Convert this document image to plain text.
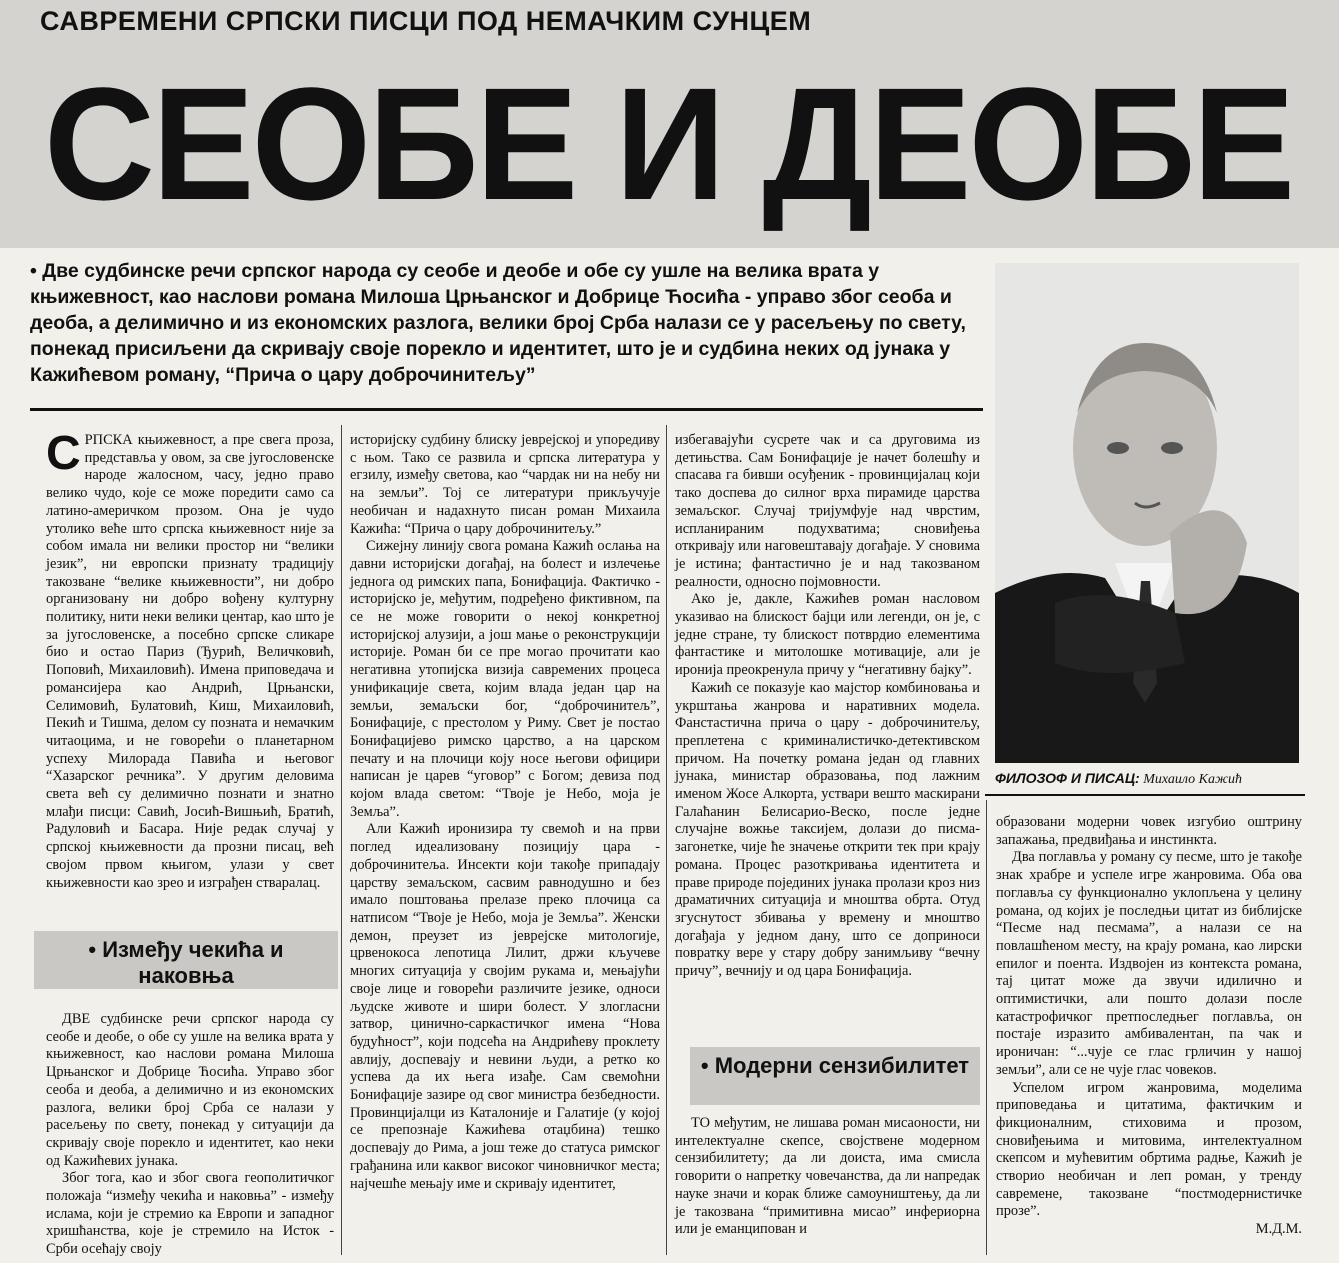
САВРЕМЕНИ СРПСКИ ПИСЦИ ПОД НЕМАЧКИМ СУНЦЕМ
СЕОБЕ И ДЕОБЕ
• Две судбинске речи српског народа су сеобе и деобе и обе су ушле на велика врата у књижевност, као наслови романа Милоша Црњанског и Добрице Ћосића - управо због сеоба и деоба, а делимично и из економских разлога, велики број Срба налази се у расељењу по свету, понекад присиљени да скривају своје порекло и идентитет, што је и судбина неких од јунака у Кажићевом роману, “Прича о цару доброчинитељу”

СРПСКА књижевност, а пре свега проза, представља у овом, за све југословенске народе жалосном, часу, једно право велико чудо, које се може поредити само са латино-америчком прозом. Она је чудо утолико веће што српска књижевност није за собом имала ни велики простор ни “велики језик”, ни европски признату традицију такозване “велике књижевности”, ни добро организовану ни добро вођену културну политику, нити неки велики центар, као што је за југословенске, а посебно српске сликаре био и остао Париз (Ђурић, Величковић, Поповић, Михаиловић). Имена приповедача и романсијера као Андрић, Црњански, Селимовић, Булатовић, Киш, Михаиловић, Пекић и Тишма, делом су позната и немачким читаоцима, и не говорећи о планетарном успеху Милорада Павића и његовог “Хазарског речника”. У другим деловима света већ су делимично познати и знатно млађи писци: Савић, Јосић-Вишњић, Братић, Радуловић и Басара. Није редак случај у српској књижевности да прозни писац, већ својом првом књигом, улази у свет књижевности као зрео и изграђен стваралац.

• Између чекића и наковња

ДВЕ судбинске речи српског народа су сеобе и деобе, о обе су ушле на велика врата у књижевност, као наслови романа Милоша Црњанског и Добрице Ћосића. Управо због сеоба и деоба, а делимично и из економских разлога, велики број Срба се налази у расељењу по свету, понекад у ситуацији да скривају своје порекло и идентитет, као неки од Кажићевих јунака.

Због тога, као и због свога геополитичког положаја “између чекића и наковња” - између ислама, који је стремио ка Европи и западног хришћанства, које је стремило на Исток - Срби осећају своју

историјску судбину блиску јеврејској и упоредиву с њом. Тако се развила и српска литература у егзилу, између светова, као “чардак ни на небу ни на земљи”. Тој се литератури прикључује необичан и надахнуто писан роман Михаила Кажића: “Прича о цару доброчинитељу.”

Сижејну линију свога романа Кажић ослања на давни историјски догађај, на болест и излечење једнога од римских папа, Бонифација. Фактичко - историјско је, међутим, подређено фиктивном, па се не може говорити о некој конкретној историјској алузији, а још мање о реконструкцији историје. Роман би се пре могао прочитати као негативна утопијска визија савремених процеса унификације света, којим влада један цар на земљи, земаљски бог, “доброчинитељ”, Бонифације, с престолом у Риму. Свет је постао Бонифацијево римско царство, а на царском печату и на плочици коју носе његови официри написан је царев “уговор” с Богом; девиза под којом влада светом: “Твоје је Небо, моја је Земља”.

Али Кажић иронизира ту свемоћ и на први поглед идеализовану позицију цара - доброчинитеља. Инсекти који такође припадају царству земаљском, сасвим равнодушно и без имало поштовања прелазе преко плочица са натписом “Твоје је Небо, моја је Земља”. Женски демон, преузет из јеврејске митологије, црвенокоса лепотица Лилит, држи кључеве многих ситуација у својим рукама и, мењајући своје лице и говорећи различите језике, односи људске животе и шири болест. У злогласни затвор, цинично-саркастичког имена “Нова будућност”, који подсећа на Андрићеву проклету авлију, доспевају и невини људи, а ретко ко успева да их њега изађе. Сам свемоћни Бонифације зазире од свог министра безбедности. Провинцијалци из Каталоније и Галатије (у којој се препознаје Кажићева отаџбина) тешко доспевају до Рима, а још теже до статуса римског грађанина или каквог високог чиновничког места; најчешће мењају име и скривају идентитет,

избегавајући сусрете чак и са друговима из детињства. Сам Бонифације је начет болешћу и спасава га бивши осуђеник - провинцијалац који тако доспева до силног врха пирамиде царства земаљског. Случај тријумфује над чврстим, испланираним подухватима; сновиђења откривају или наговештавају догађаје. У сновима је истина; фантастично је и над такозваном реалности, односно појмовности.

Ако је, дакле, Кажићев роман насловом указивао на блискост бајци или легенди, он је, с једне стране, ту блискост потврдио елементима фантастике и митолошке мотивације, али је иронија преокренула причу у “негативну бајку”.

Кажић се показује као мајстор комбиновања и укрштања жанрова и наративних модела. Фанстастична прича о цару - доброчинитељу, преплетена с криминалистичко-детективском причом. На почетку романа један од главних јунака, министар образовања, под лажним именом Жосе Алкорта, уствари вешто маскирани Галаћанин Белисарио-Веско, после једне случајне вожње таксијем, долази до писма-загонетке, чије ће значење открити тек при крају романа. Процес разоткривања идентитета и праве природе појединих јунака пролази кроз низ драматичних ситуација и мноштва обрта. Отуд згуснутост збивања у времену и мноштво догађаја у једном дану, што се доприноси повратку вере у стару добру занимљиву “вечну причу”, вечнију и од цара Бонифација.

• Модерни сензибилитет

ТО међутим, не лишава роман мисаоности, ни интелектуалне скепсе, својствене модерном сензибилитету; да ли доиста, има смисла говорити о напретку човечанства, да ли напредак науке значи и корак ближе самоуништењу, да ли је такозвана “примитивна мисао” инфериорна или је еманципован и

ФИЛОЗОФ И ПИСАЦ: Михаило Кажић

образовани модерни човек изгубио оштрину запажања, предвиђања и инстинкта.

Два поглавља у роману су песме, што је такође знак храбре и успеле игре жанровима. Оба ова поглавља су функционално уклопљена у целину романа, од којих је последњи цитат из библијске “Песме над песмама”, а налази се на повлашћеном месту, на крају романа, као лирски епилог и поента. Издвојен из контекста романа, тај цитат може да звучи идилично и оптимистички, али пошто долази после катастрофичког претпоследњег поглавља, он постаје изразито амбивалентан, па чак и ироничан: “...чује се глас грличин у нашој земљи”, али се не чује глас човеков.

Успелом игром жанровима, моделима приповедања и цитатима, фактичким и фикционалним, стиховима и прозом, сновиђењима и митовима, интелектуалном скепсом и мућевитим обртима радње, Кажић је створио необичан и леп роман, у тренду савремене, такозване “постмодернистичке прозе”.

М.Д.М.
